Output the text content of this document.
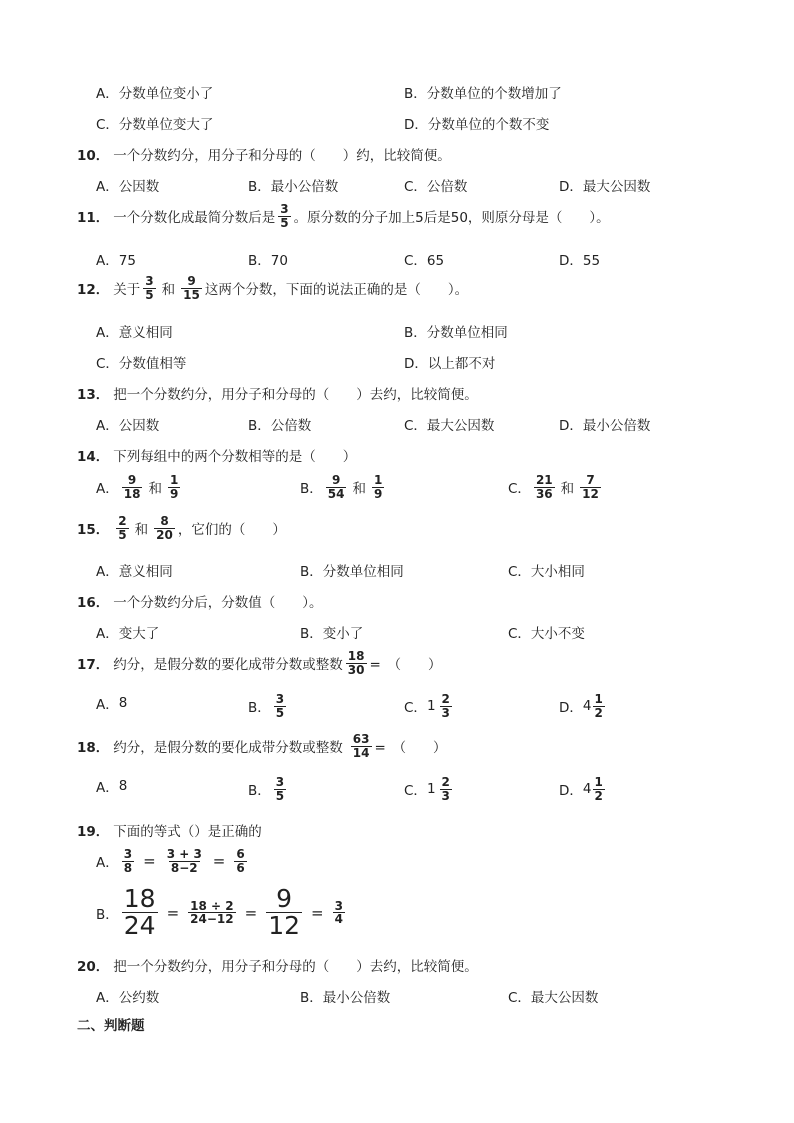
A．分数单位变小了	B．分数单位的个数增加了
C．分数单位变大了	D．分数单位的个数不变
10． 一个分数约分，用分子和分母的（　　）约，比较简便。
A．公因数	B．最小公倍数	C．公倍数	D．最大公因数
11． 一个分数化成最简分数后是 $\frac{3}{5}$ 。原分数的分子加上5后是50，则原分母是（　　）。
A．75	B．70	C．65	D．55
12． 关于 $\frac{3}{5}$ 和 $\frac{9}{15}$ 这两个分数，下面的说法正确的是（　　）。
A．意义相同	B．分数单位相同
C．分数值相等	D．以上都不对
13． 把一个分数约分，用分子和分母的（　　）去约，比较简便。
A．公因数	B．公倍数	C．最大公因数	D．最小公倍数
14． 下列每组中的两个分数相等的是（　　）
A． $\frac{9}{18}$ 和 $\frac{1}{9}$	B． $\frac{9}{54}$ 和 $\frac{1}{9}$	C． $\frac{21}{36}$ 和 $\frac{7}{12}$
15． $\frac{2}{5}$ 和 $\frac{8}{20}$ ，它们的（　　）
A．意义相同	B．分数单位相同	C．大小相同
16． 一个分数约分后，分数值（　　）。
A．变大了	B．变小了	C．大小不变
17． 约分，是假分数的要化成带分数或整数 $\frac{18}{30}$ =　（　　）
A． 8	B． $\frac{3}{5}$	C． $1 \frac{2}{3}$	D． $4 \frac{1}{2}$
18． 约分，是假分数的要化成带分数或整数 $\frac{63}{14}$ =　（　　）
A． 8	B． $\frac{3}{5}$	C． $1 \frac{2}{3}$	D． $4 \frac{1}{2}$
19． 下面的等式（）是正确的
A． $\frac{3}{8} = \frac{3 + 3}{8-2} = \frac{6}{6}$
B． $\frac{18}{24} = \frac{18 \div 2}{24-12} = \frac{9}{12} = \frac{3}{4}$
20． 把一个分数约分，用分子和分母的（　　）去约，比较简便。
A．公约数	B．最小公倍数	C．最大公因数
二、判断题
